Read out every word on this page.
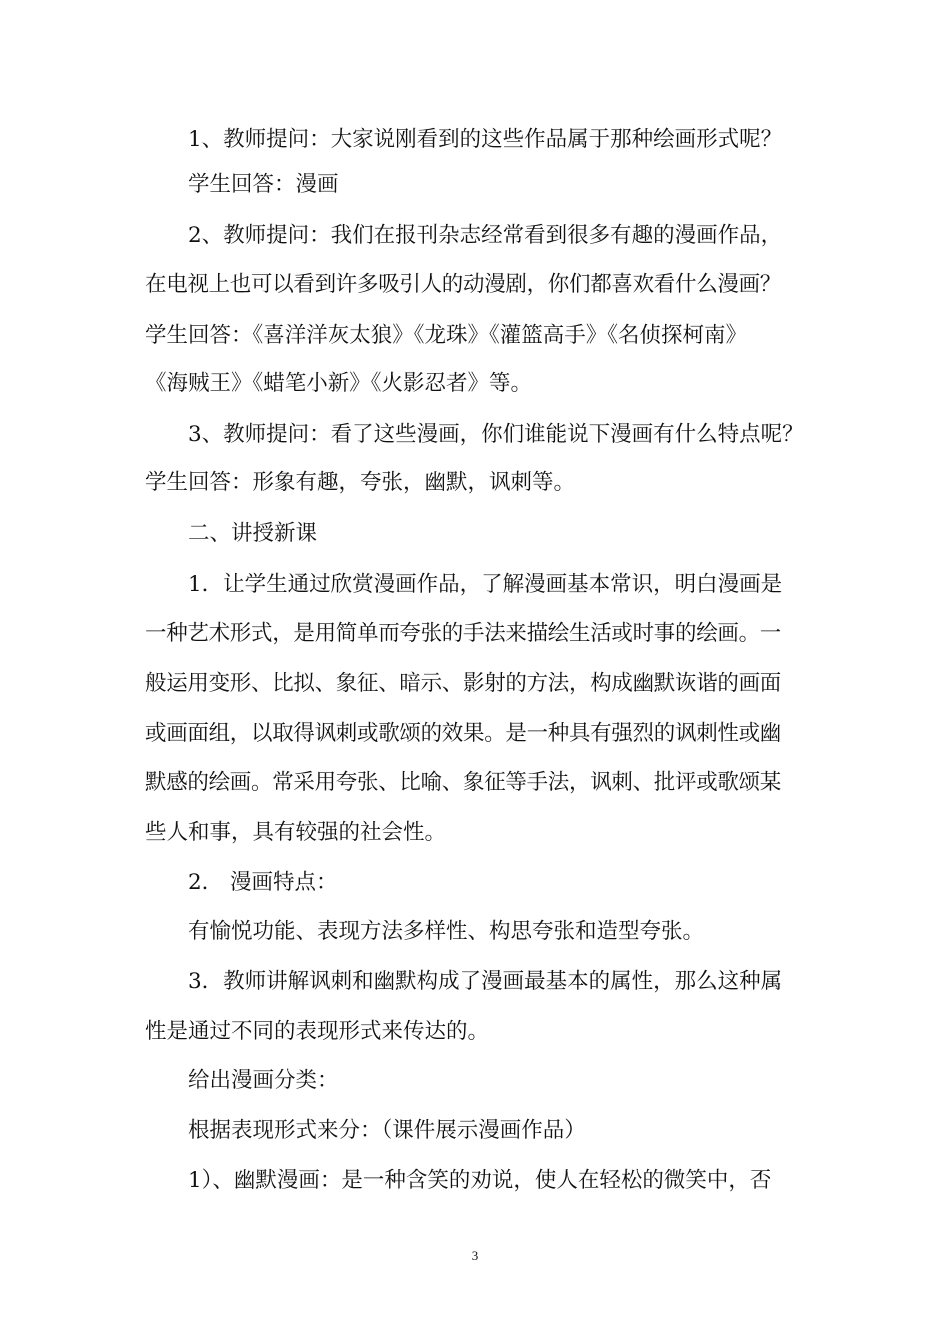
1、教师提问：大家说刚看到的这些作品属于那种绘画形式呢？
学生回答：漫画
2、教师提问：我们在报刊杂志经常看到很多有趣的漫画作品，
在电视上也可以看到许多吸引人的动漫剧，你们都喜欢看什么漫画？
学生回答：《喜洋洋灰太狼》《龙珠》《灌篮高手》《名侦探柯南》
《海贼王》《蜡笔小新》《火影忍者》等。
3、教师提问：看了这些漫画，你们谁能说下漫画有什么特点呢？
学生回答：形象有趣，夸张，幽默，讽刺等。
二、讲授新课
1．让学生通过欣赏漫画作品，了解漫画基本常识，明白漫画是
一种艺术形式，是用简单而夸张的手法来描绘生活或时事的绘画。一
般运用变形、比拟、象征、暗示、影射的方法，构成幽默诙谐的画面
或画面组，以取得讽刺或歌颂的效果。是一种具有强烈的讽刺性或幽
默感的绘画。常采用夸张、比喻、象征等手法，讽刺、批评或歌颂某
些人和事，具有较强的社会性。
2． 漫画特点：
有愉悦功能、表现方法多样性、构思夸张和造型夸张。
3．教师讲解讽刺和幽默构成了漫画最基本的属性，那么这种属
性是通过不同的表现形式来传达的。
给出漫画分类：
根据表现形式来分：（课件展示漫画作品）
1）、幽默漫画：是一种含笑的劝说，使人在轻松的微笑中，否
3
